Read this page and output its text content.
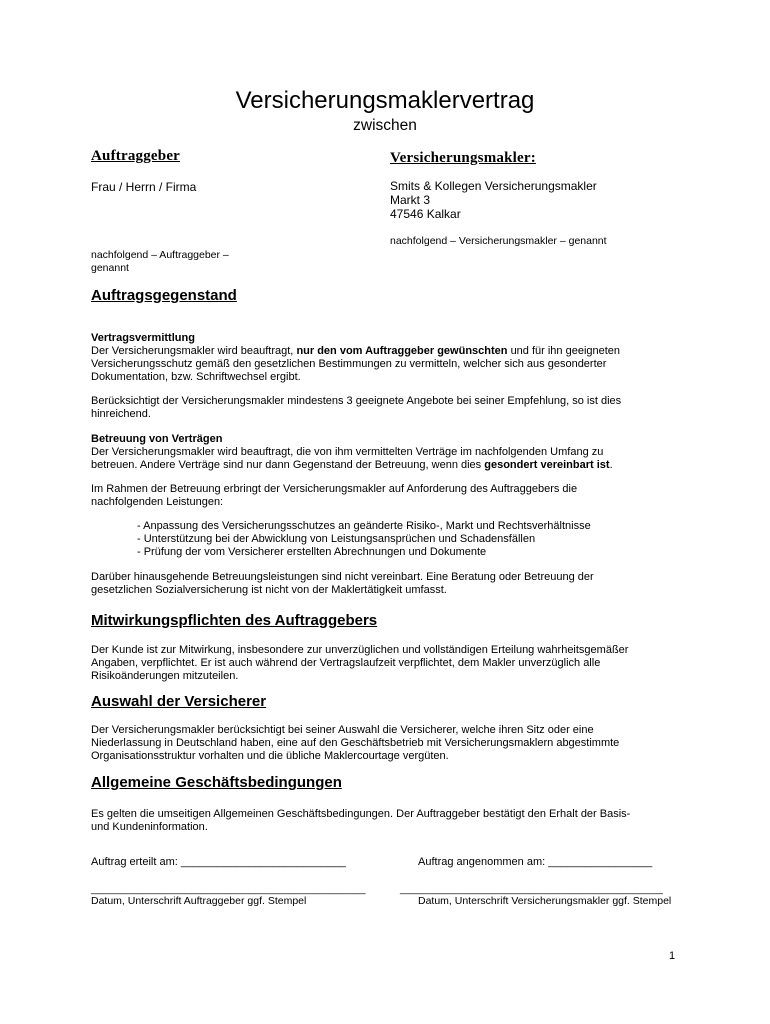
Versicherungsmaklervertrag
zwischen
Auftraggeber	Versicherungsmakler:
Frau / Herrn / Firma	Smits & Kollegen Versicherungsmakler
Markt 3
47546 Kalkar
nachfolgend – Versicherungsmakler – genannt
nachfolgend – Auftraggeber –
genannt
Auftragsgegenstand
Vertragsvermittlung
Der Versicherungsmakler wird beauftragt, nur den vom Auftraggeber gewünschten und für ihn geeigneten
Versicherungsschutz gemäß den gesetzlichen Bestimmungen zu vermitteln, welcher sich aus gesonderter
Dokumentation, bzw. Schriftwechsel ergibt.
Berücksichtigt der Versicherungsmakler mindestens 3 geeignete Angebote bei seiner Empfehlung, so ist dies
hinreichend.
Betreuung von Verträgen
Der Versicherungsmakler wird beauftragt, die von ihm vermittelten Verträge im nachfolgenden Umfang zu
betreuen. Andere Verträge sind nur dann Gegenstand der Betreuung, wenn dies gesondert vereinbart ist.
Im Rahmen der Betreuung erbringt der Versicherungsmakler auf Anforderung des Auftraggebers die
nachfolgenden Leistungen:
- Anpassung des Versicherungsschutzes an geänderte Risiko-, Markt und Rechtsverhältnisse
- Unterstützung bei der Abwicklung von Leistungsansprüchen und Schadensfällen
- Prüfung der vom Versicherer erstellten Abrechnungen und Dokumente
Darüber hinausgehende Betreuungsleistungen sind nicht vereinbart. Eine Beratung oder Betreuung der
gesetzlichen Sozialversicherung ist nicht von der Maklertätigkeit umfasst.
Mitwirkungspflichten des Auftraggebers
Der Kunde ist zur Mitwirkung, insbesondere zur unverzüglichen und vollständigen Erteilung wahrheitsgemäßer
Angaben, verpflichtet. Er ist auch während der Vertragslaufzeit verpflichtet, dem Makler unverzüglich alle
Risikoänderungen mitzuteilen.
Auswahl der Versicherer
Der Versicherungsmakler berücksichtigt bei seiner Auswahl die Versicherer, welche ihren Sitz oder eine
Niederlassung in Deutschland haben, eine auf den Geschäftsbetrieb mit Versicherungsmaklern abgestimmte
Organisationsstruktur vorhalten und die übliche Maklercourtage vergüten.
Allgemeine Geschäftsbedingungen
Es gelten die umseitigen Allgemeinen Geschäftsbedingungen. Der Auftraggeber bestätigt den Erhalt der Basis-
und Kundeninformation.
Auftrag erteilt am: ___________________________	Auftrag angenommen am: _________________
_______________________________________________	_____________________________________________
Datum, Unterschrift Auftraggeber ggf. Stempel	Datum, Unterschrift Versicherungsmakler ggf. Stempel
1
